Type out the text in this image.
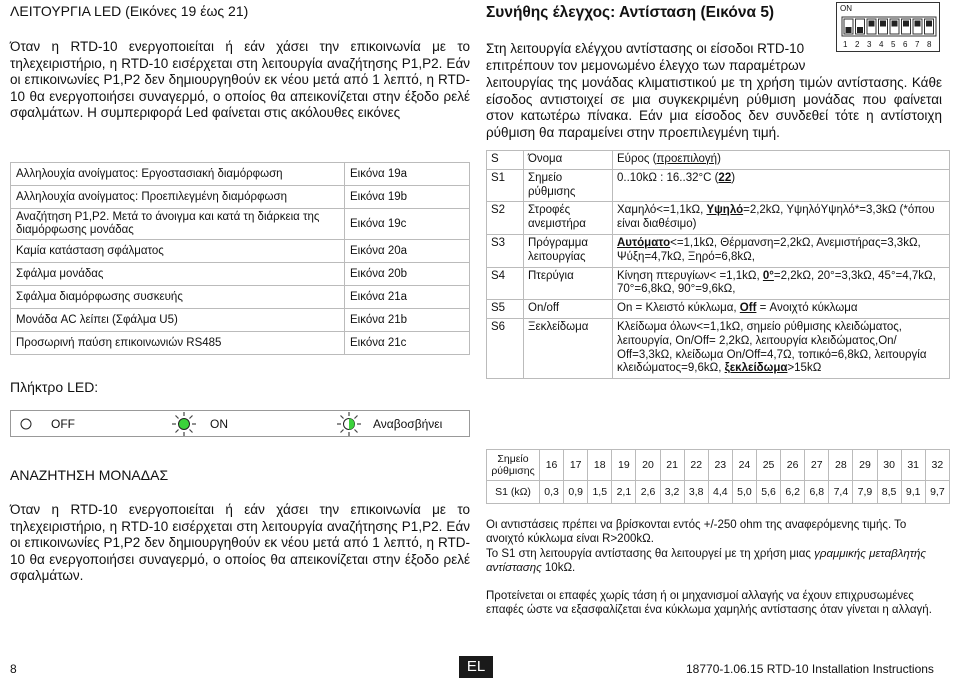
ΛΕΙΤΟΥΡΓΙΑ LED (Εικόνες 19 έως 21)

Όταν η RTD-10 ενεργοποιείται ή εάν χάσει την επικοινωνία με το τηλεχειριστήριο, η RTD-10 εισέρχεται στη λειτουργία αναζήτησης P1,P2. Εάν οι επικοινωνίες P1,P2 δεν δημιουργηθούν εκ νέου μετά από 1 λεπτό, η RTD-10 θα ενεργοποιήσει συναγερμό, ο οποίος θα απεικονίζεται στην έξοδο ρελέ σφαλμάτων. Η συμπεριφορά Led φαίνεται στις ακόλουθες εικόνες

Αλληλουχία ανοίγματος: Εργοστασιακή διαμόρφωση	Εικόνα 19a
Αλληλουχία ανοίγματος: Προεπιλεγμένη διαμόρφωση	Εικόνα 19b
Αναζήτηση P1,P2. Μετά το άνοιγμα και κατά τη διάρκεια της διαμόρφωσης μονάδας	Εικόνα 19c
Καμία κατάσταση σφάλματος	Εικόνα 20a
Σφάλμα μονάδας	Εικόνα 20b
Σφάλμα διαμόρφωσης συσκευής	Εικόνα 21a
Μονάδα AC λείπει (Σφάλμα U5)	Εικόνα 21b
Προσωρινή παύση επικοινωνιών RS485	Εικόνα 21c
Πλήκτρο LED:
OFF	ON	Αναβοσβήνει
ΑΝΑΖΗΤΗΣΗ ΜΟΝΑΔΑΣ

Όταν η RTD-10 ενεργοποιείται ή εάν χάσει την επικοινωνία με το τηλεχειριστήριο, η RTD-10 εισέρχεται στη λειτουργία αναζήτησης P1,P2. Εάν οι επικοινωνίες P1,P2 δεν δημιουργηθούν εκ νέου μετά από 1 λεπτό, η RTD-10 θα ενεργοποιήσει συναγερμό, ο οποίος θα απεικονίζεται στην έξοδο ρελέ σφαλμάτων.

Συνήθης έλεγχος: Αντίσταση (Εικόνα 5)	ON
1 2 3 4 5 6 7 8
Στη λειτουργία ελέγχου αντίστασης οι είσοδοι RTD-10
επιτρέπουν τον μεμονωμένο έλεγχο των παραμέτρων

λειτουργίας της μονάδας κλιματιστικού με τη χρήση τιμών αντίστασης. Κάθε είσοδος αντιστοιχεί σε μια συγκεκριμένη ρύθμιση μονάδας που φαίνεται στον κατωτέρω πίνακα. Εάν μια είσοδος δεν συνδεθεί τότε η αντίστοιχη ρύθμιση θα παραμείνει στην προεπιλεγμένη τιμή.

S	Όνομα	Εύρος (προεπιλογή)
S1	Σημείο ρύθμισης	0..10kΩ : 16..32°C (22)
S2	Στροφές ανεμιστήρα	Χαμηλό<=1,1kΩ, Υψηλό=2,2kΩ, ΥψηλόΥψηλό*=3,3kΩ (*όπου είναι διαθέσιμο)
S3	Πρόγραμμα λειτουργίας	Αυτόματο<=1,1kΩ, Θέρμανση=2,2kΩ, Ανεμιστήρας=3,3kΩ, Ψύξη=4,7kΩ, Ξηρό=6,8kΩ,
S4	Πτερύγια	Κίνηση πτερυγίων< =1,1kΩ, 0°=2,2kΩ, 20°=3,3kΩ, 45°=4,7kΩ, 70°=6,8kΩ, 90°=9,6kΩ,
S5	On/off	On = Κλειστό κύκλωμα, Off = Ανοιχτό κύκλωμα
S6	Ξεκλείδωμα	Κλείδωμα όλων<=1,1kΩ, σημείο ρύθμισης κλειδώματος, λειτουργία, On/Off= 2,2kΩ, λειτουργία κλειδώματος,On/ Off=3,3kΩ, κλείδωμα On/Off=4,7Ω, τοπικό=6,8kΩ, λειτουργία κλειδώματος=9,6kΩ, ξεκλείδωμα>15kΩ
Σημείο ρύθμισης	16	17	18	19	20	21	22	23	24	25	26	27	28	29	30	31	32
S1 (kΩ)	0,3	0,9	1,5	2,1	2,6	3,2	3,8	4,4	5,0	5,6	6,2	6,8	7,4	7,9	8,5	9,1	9,7

Οι αντιστάσεις πρέπει να βρίσκονται εντός +/-250 ohm της αναφερόμενης τιμής. Το ανοιχτό κύκλωμα είναι R>200kΩ.

Το S1 στη λειτουργία αντίστασης θα λειτουργεί με τη χρήση μιας γραμμικής μεταβλητής αντίστασης 10kΩ.

Προτείνεται οι επαφές χωρίς τάση ή οι μηχανισμοί αλλαγής να έχουν επιχρυσωμένες επαφές ώστε να εξασφαλίζεται ένα κύκλωμα χαμηλής αντίστασης όταν γίνεται η αλλαγή.

8	EL	18770-1.06.15 RTD-10 Installation Instructions
